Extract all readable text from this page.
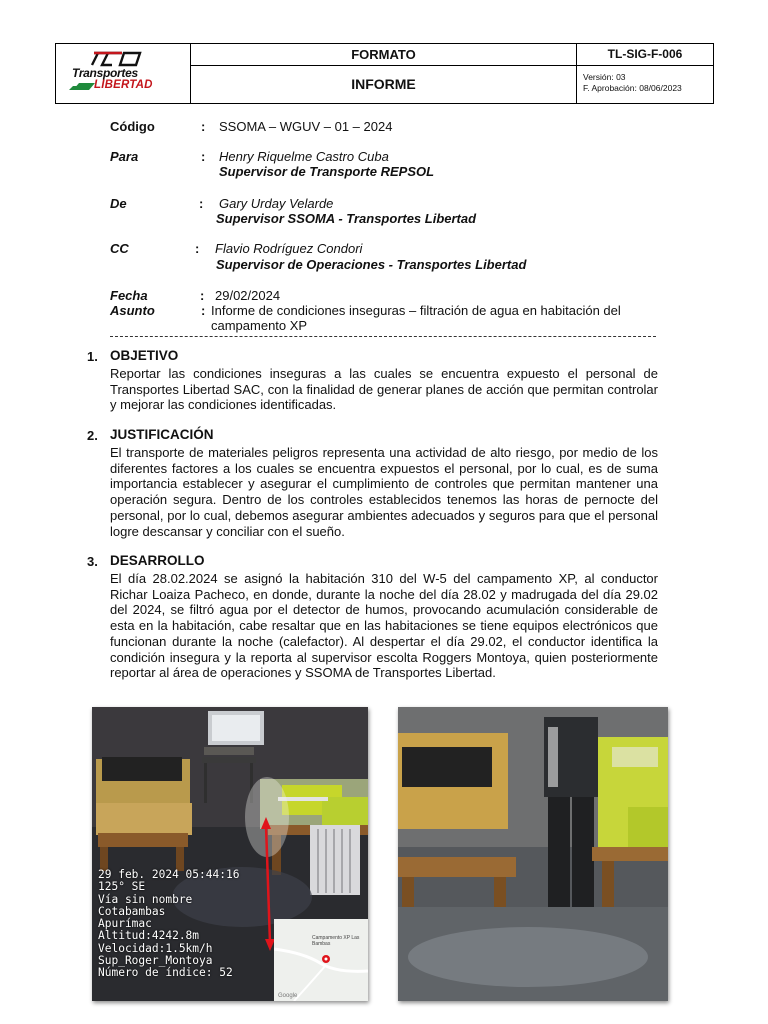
Transportes
LIBERTAD
FORMATO
INFORME
TL-SIG-F-006
Versión: 03
F. Aprobación: 08/06/2023
Código	: SSOMA – WGUV – 01 – 2024
Para	: Henry Riquelme Castro Cuba
Supervisor de Transporte REPSOL
De	: Gary Urday Velarde
Supervisor SSOMA - Transportes Libertad
CC	: Flavio Rodríguez Condori
Supervisor de Operaciones - Transportes Libertad
Fecha	: 29/02/2024
Asunto	: Informe de condiciones inseguras – filtración de agua en habitación del
campamento XP
1. OBJETIVO
Reportar las condiciones inseguras a las cuales se encuentra expuesto el personal de Transportes Libertad SAC, con la finalidad de generar planes de acción que permitan controlar y mejorar las condiciones identificadas.
2. JUSTIFICACIÓN
El transporte de materiales peligros representa una actividad de alto riesgo, por medio de los diferentes factores a los cuales se encuentra expuestos el personal, por lo cual, es de suma importancia establecer y asegurar el cumplimiento de controles que permitan mantener una operación segura. Dentro de los controles establecidos tenemos las horas de pernocte del personal, por lo cual, debemos asegurar ambientes adecuados y seguros para que el personal logre descansar y conciliar con el sueño.
3. DESARROLLO
El día 28.02.2024 se asignó la habitación 310 del W-5 del campamento XP, al conductor Richar Loaiza Pacheco, en donde, durante la noche del día 28.02 y madrugada del día 29.02 del 2024, se filtró agua por el detector de humos, provocando acumulación considerable de esta en la habitación, cabe resaltar que en las habitaciones se tiene equipos electrónicos que funcionan durante la noche (calefactor). Al despertar el día 29.02, el conductor identifica la condición insegura y la reporta al supervisor escolta Roggers Montoya, quien posteriormente reportar al área de operaciones y SSOMA de Transportes Libertad.
29 feb. 2024 05:44:16
125° SE
Vía sin nombre
Cotabambas
Apurímac
Altitud:4242.8m
Velocidad:1.5km/h
Sup_Roger_Montoya
Número de índice: 52
Campamento XP Las Bambas
Google
